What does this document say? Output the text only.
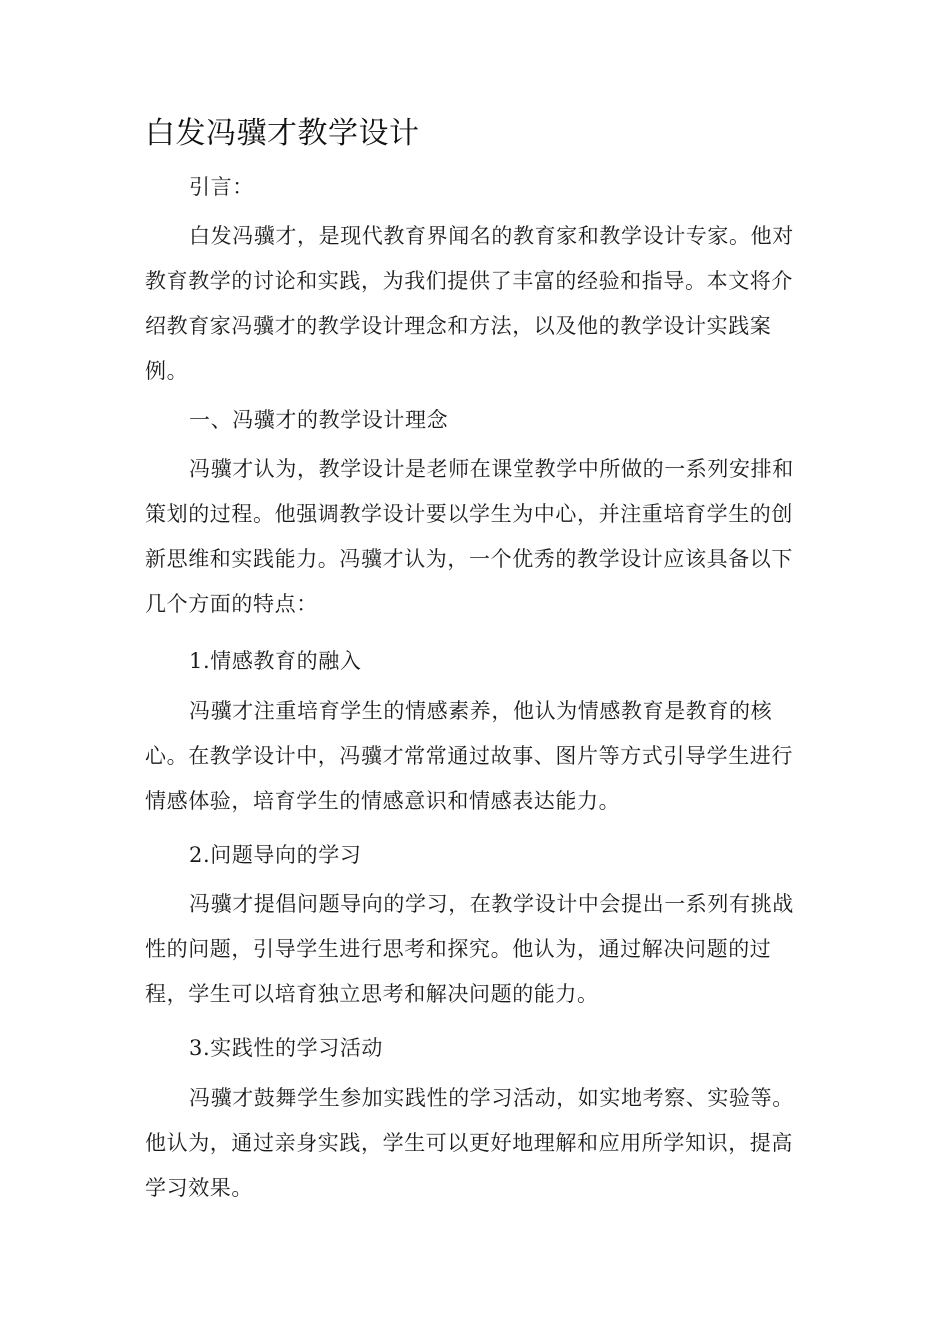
白发冯骥才教学设计

引言：

白发冯骥才，是现代教育界闻名的教育家和教学设计专家。他对教育教学的讨论和实践，为我们提供了丰富的经验和指导。本文将介绍教育家冯骥才的教学设计理念和方法，以及他的教学设计实践案例。

一、冯骥才的教学设计理念

冯骥才认为，教学设计是老师在课堂教学中所做的一系列安排和策划的过程。他强调教学设计要以学生为中心，并注重培育学生的创新思维和实践能力。冯骥才认为，一个优秀的教学设计应该具备以下几个方面的特点：

1.情感教育的融入

冯骥才注重培育学生的情感素养，他认为情感教育是教育的核心。在教学设计中，冯骥才常常通过故事、图片等方式引导学生进行情感体验，培育学生的情感意识和情感表达能力。

2.问题导向的学习

冯骥才提倡问题导向的学习，在教学设计中会提出一系列有挑战性的问题，引导学生进行思考和探究。他认为，通过解决问题的过程，学生可以培育独立思考和解决问题的能力。

3.实践性的学习活动

冯骥才鼓舞学生参加实践性的学习活动，如实地考察、实验等。他认为，通过亲身实践，学生可以更好地理解和应用所学知识，提高学习效果。
